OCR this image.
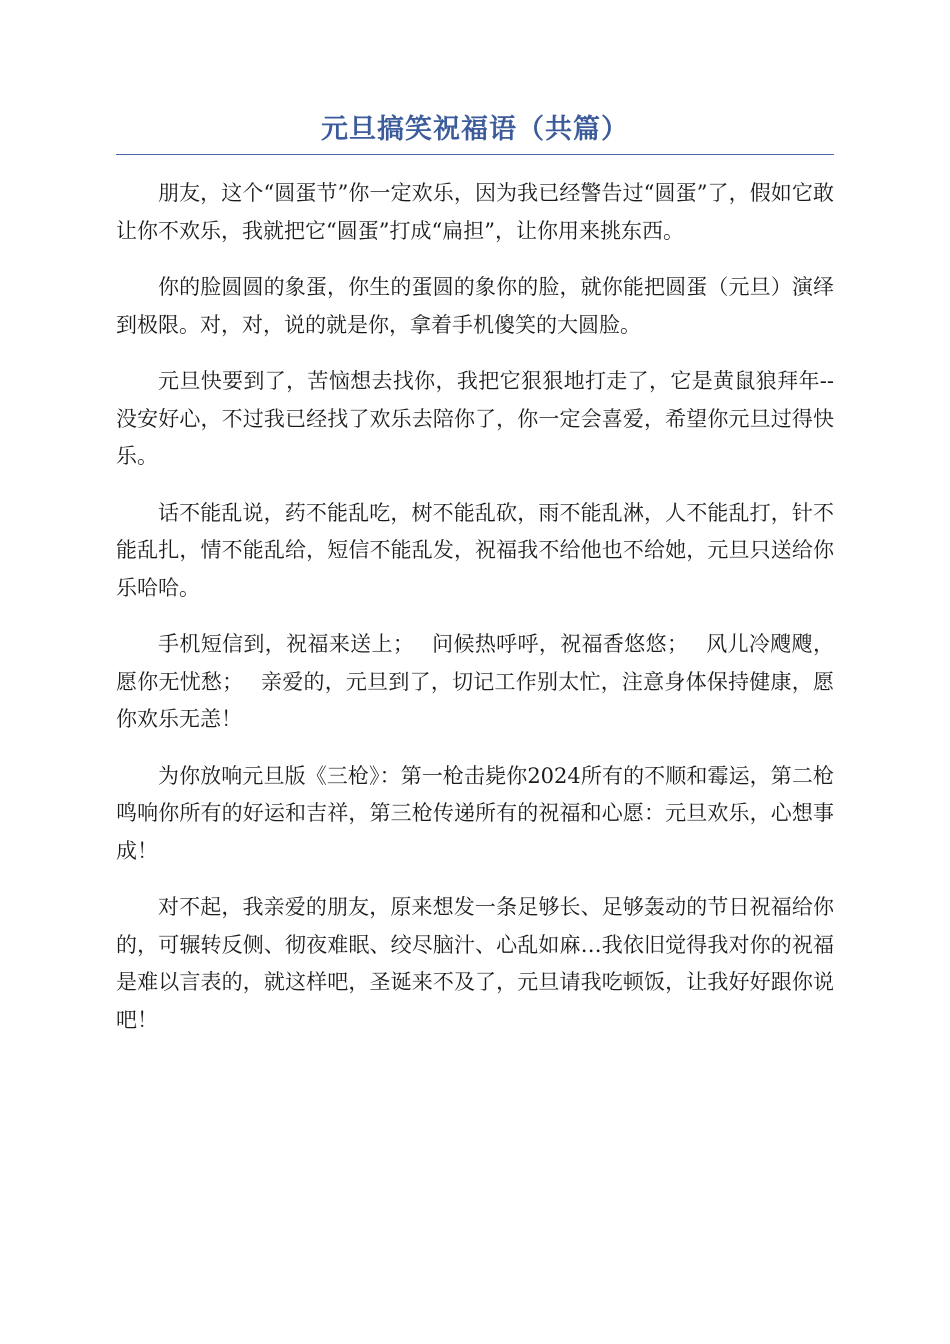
元旦搞笑祝福语（共篇）

朋友，这个“圆蛋节”你一定欢乐，因为我已经警告过“圆蛋”了，假如它敢让你不欢乐，我就把它“圆蛋”打成“扁担”，让你用来挑东西。

你的脸圆圆的象蛋，你生的蛋圆的象你的脸，就你能把圆蛋（元旦）演绎到极限。对，对，说的就是你，拿着手机傻笑的大圆脸。

元旦快要到了，苦恼想去找你，我把它狠狠地打走了，它是黄鼠狼拜年--没安好心，不过我已经找了欢乐去陪你了，你一定会喜爱，希望你元旦过得快乐。

话不能乱说，药不能乱吃，树不能乱砍，雨不能乱淋，人不能乱打，针不能乱扎，情不能乱给，短信不能乱发，祝福我不给他也不给她，元旦只送给你乐哈哈。

手机短信到，祝福来送上；　 问候热呼呼，祝福香悠悠；　 风儿冷飕飕，愿你无忧愁；　 亲爱的，元旦到了，切记工作别太忙，注意身体保持健康，愿你欢乐无恙！

为你放响元旦版《三枪》：第一枪击毙你2024所有的不顺和霉运，第二枪鸣响你所有的好运和吉祥，第三枪传递所有的祝福和心愿：元旦欢乐，心想事成！

对不起，我亲爱的朋友，原来想发一条足够长、足够轰动的节日祝福给你的，可辗转反侧、彻夜难眠、绞尽脑汁、心乱如麻…我依旧觉得我对你的祝福是难以言表的，就这样吧，圣诞来不及了，元旦请我吃顿饭，让我好好跟你说吧！
